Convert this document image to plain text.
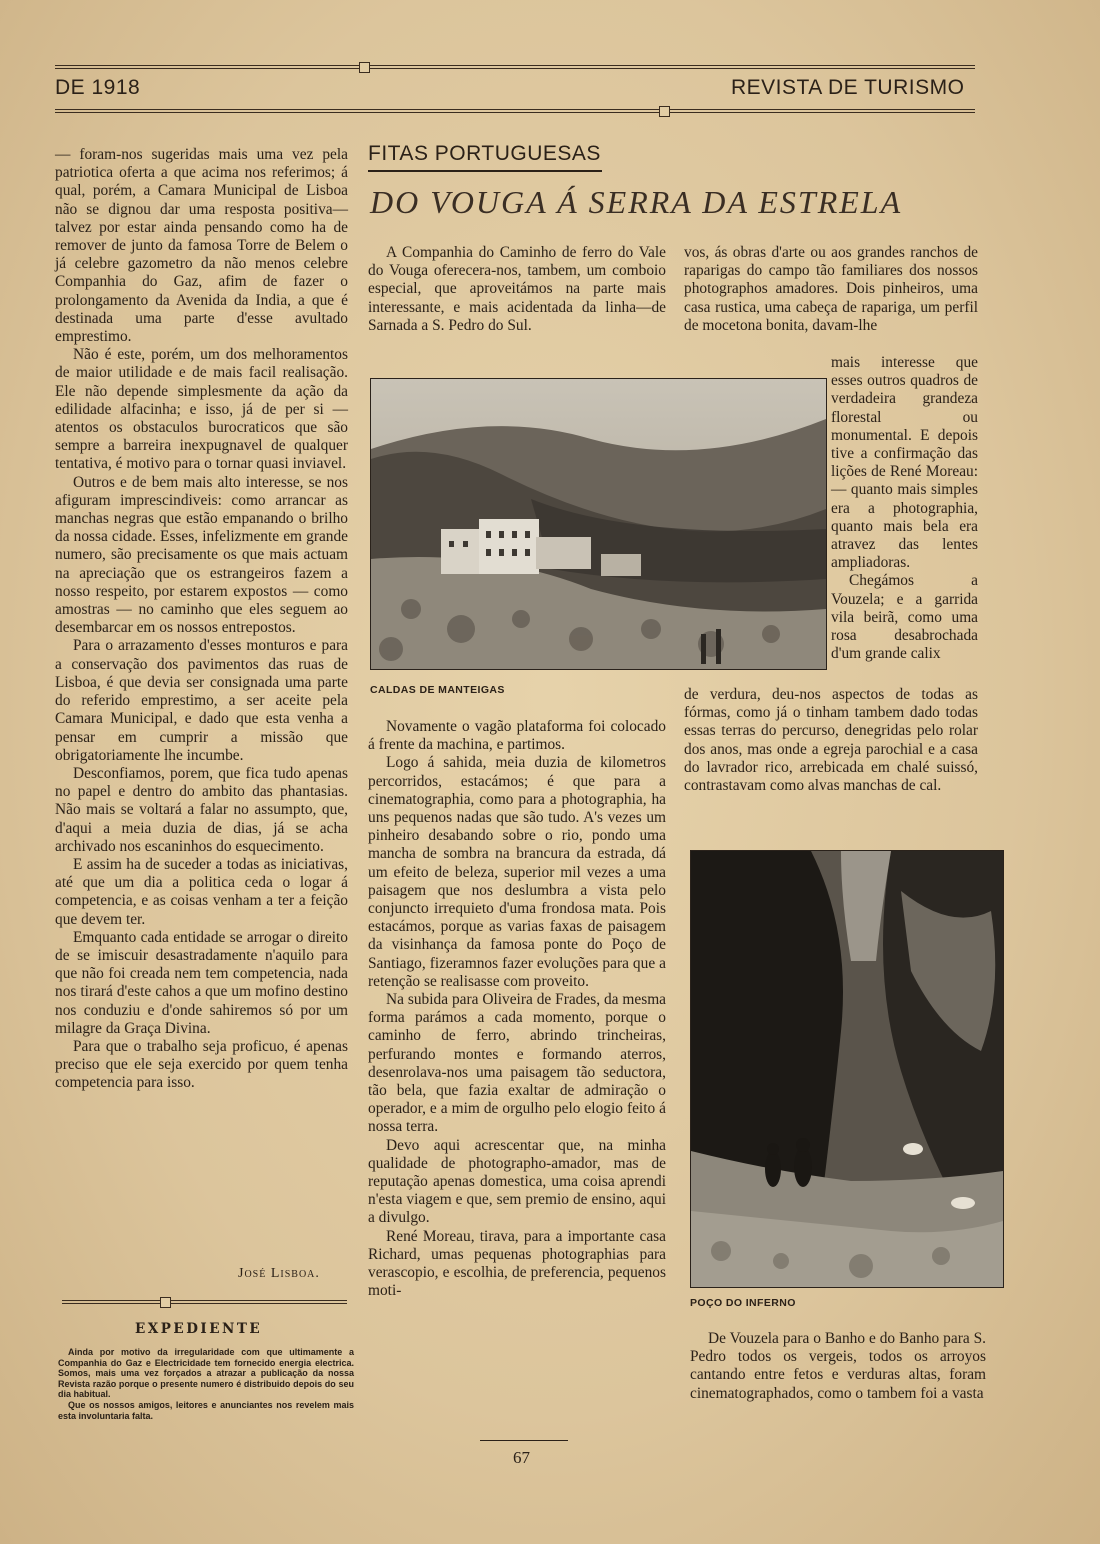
DE 1918	REVISTA DE TURISMO

— foram-nos sugeridas mais uma vez pela patriotica oferta a que acima nos referimos; á qual, porém, a Camara Municipal de Lisboa não se dignou dar uma resposta positiva—talvez por estar ainda pensando como ha de remover de junto da famosa Torre de Belem o já celebre gazometro da não menos celebre Companhia do Gaz, afim de fazer o prolongamento da Avenida da India, a que é destinada uma parte d'esse avultado emprestimo.

Não é este, porém, um dos melhoramentos de maior utilidade e de mais facil realisação. Ele não depende simplesmente da ação da edilidade alfacinha; e isso, já de per si — atentos os obstaculos burocraticos que são sempre a barreira inexpugnavel de qualquer tentativa, é motivo para o tornar quasi inviavel.

Outros e de bem mais alto interesse, se nos afiguram imprescindiveis: como arrancar as manchas negras que estão empanando o brilho da nossa cidade. Esses, infelizmente em grande numero, são precisamente os que mais actuam na apreciação que os estrangeiros fazem a nosso respeito, por estarem expostos — como amostras — no caminho que eles seguem ao desembarcar em os nossos entrepostos.

Para o arrazamento d'esses monturos e para a conservação dos pavimentos das ruas de Lisboa, é que devia ser consignada uma parte do referido emprestimo, a ser aceite pela Camara Municipal, e dado que esta venha a pensar em cumprir a missão que obrigatoriamente lhe incumbe.

Desconfiamos, porem, que fica tudo apenas no papel e dentro do ambito das phantasias. Não mais se voltará a falar no assumpto, que, d'aqui a meia duzia de dias, já se acha archivado nos escaninhos do esquecimento.

E assim ha de suceder a todas as iniciativas, até que um dia a politica ceda o logar á competencia, e as coisas venham a ter a feição que devem ter.

Emquanto cada entidade se arrogar o direito de se imiscuir desastradamente n'aquilo para que não foi creada nem tem competencia, nada nos tirará d'este cahos a que um mofino destino nos conduziu e d'onde sahiremos só por um milagre da Graça Divina.

Para que o trabalho seja proficuo, é apenas preciso que ele seja exercido por quem tenha competencia para isso.

José Lisboa.
EXPEDIENTE

Ainda por motivo da irregularidade com que ultimamente a Companhia do Gaz e Electricidade tem fornecido energia electrica. Somos, mais uma vez forçados a atrazar a publicação da nossa Revista razão porque o presente numero é distribuido depois do seu dia habitual.

Que os nossos amigos, leitores e anunciantes nos revelem mais esta involuntaria falta.

FITAS PORTUGUESAS
DO VOUGA Á SERRA DA ESTRELA

A Companhia do Caminho de ferro do Vale do Vouga oferecera-nos, tambem, um comboio especial, que aproveitámos na parte mais interessante, e mais acidentada da linha—de Sarnada a S. Pedro do Sul.

CALDAS DE MANTEIGAS

Novamente o vagão plataforma foi colocado á frente da machina, e partimos.

Logo á sahida, meia duzia de kilometros percorridos, estacámos; é que para a cinematographia, como para a photographia, ha uns pequenos nadas que são tudo. A's vezes um pinheiro desabando sobre o rio, pondo uma mancha de sombra na brancura da estrada, dá um efeito de beleza, superior mil vezes a uma paisagem que nos deslumbra a vista pelo conjuncto irrequieto d'uma frondosa mata. Pois estacámos, porque as varias faxas de paisagem da visinhança da famosa ponte do Poço de Santiago, fizeramnos fazer evoluções para que a retenção se realisasse com proveito.

Na subida para Oliveira de Frades, da mesma forma parámos a cada momento, porque o caminho de ferro, abrindo trincheiras, perfurando montes e formando aterros, desenrolava-nos uma paisagem tão seductora, tão bela, que fazia exaltar de admiração o operador, e a mim de orgulho pelo elogio feito á nossa terra.

Devo aqui acrescentar que, na minha qualidade de photographo-amador, mas de reputação apenas domestica, uma coisa aprendi n'esta viagem e que, sem premio de ensino, aqui a divulgo.

René Moreau, tirava, para a importante casa Richard, umas pequenas photographias para verascopio, e escolhia, de preferencia, pequenos moti-

vos, ás obras d'arte ou aos grandes ranchos de raparigas do campo tão familiares dos nossos photographos amadores. Dois pinheiros, uma casa rustica, uma cabeça de rapariga, um perfil de mocetona bonita, davam-lhe

mais interesse que esses outros quadros de verdadeira grandeza florestal ou monumental. E depois tive a confirmação das lições de René Moreau:— quanto mais simples era a photographia, quanto mais bela era atravez das lentes ampliadoras.

Chegámos a Vouzela; e a garrida vila beirã, como uma rosa desabrochada d'um grande calix

de verdura, deu-nos aspectos de todas as fórmas, como já o tinham tambem dado todas essas terras do percurso, denegridas pelo rolar dos anos, mas onde a egreja parochial e a casa do lavrador rico, arrebicada em chalé suissó, contrastavam como alvas manchas de cal.

POÇO DO INFERNO

De Vouzela para o Banho e do Banho para S. Pedro todos os vergeis, todos os arroyos cantando entre fetos e verduras altas, foram cinematographados, como o tambem foi a vasta

67
